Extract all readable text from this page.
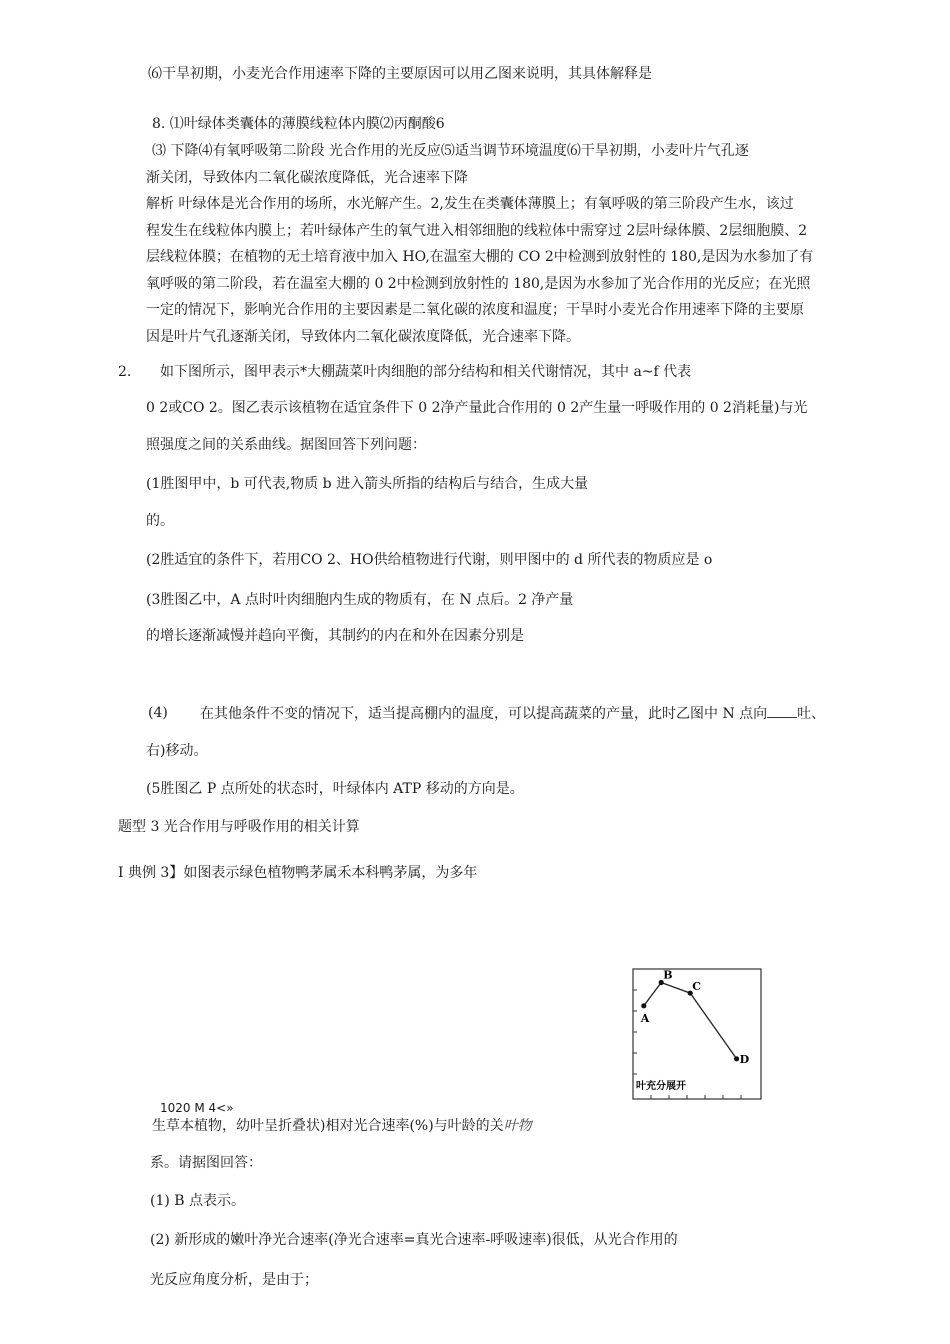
⑹干旱初期，小麦光合作用速率下降的主要原因可以用乙图来说明，其具体解释是
8. ⑴叶绿体类囊体的薄膜线粒体内膜⑵丙酮酸6
⑶ 下降⑷有氧呼吸第二阶段 光合作用的光反应⑸适当调节环境温度⑹干旱初期，小麦叶片气孔逐
渐关闭，导致体内二氧化碳浓度降低，光合速率下降
解析 叶绿体是光合作用的场所，水光解产生。2,发生在类囊体薄膜上；有氧呼吸的第三阶段产生水，该过
程发生在线粒体内膜上；若叶绿体产生的氧气进入相邻细胞的线粒体中需穿过 2层叶绿体膜、2层细胞膜、2
层线粒体膜；在植物的无土培育液中加入 HO,在温室大棚的 CO 2中检测到放射性的 180,是因为水参加了有
氧呼吸的第二阶段，若在温室大棚的 0 2中检测到放射性的 180,是因为水参加了光合作用的光反应；在光照
一定的情况下，影响光合作用的主要因素是二氧化碳的浓度和温度；干旱时小麦光合作用速率下降的主要原
因是叶片气孔逐渐关闭，导致体内二氧化碳浓度降低，光合速率下降。
2. 如下图所示，图甲表示*大棚蔬菜叶肉细胞的部分结构和相关代谢情况，其中 a~f 代表
0 2或CO 2。图乙表示该植物在适宜条件下 0 2净产量此合作用的 0 2产生量一呼吸作用的 0 2消耗量)与光
照强度之间的关系曲线。据图回答下列问题：
(1胜图甲中，b 可代表,物质 b 进入箭头所指的结构后与结合，生成大量
的。
(2胜适宜的条件下，若用CO 2、HO供给植物进行代谢，则甲图中的 d 所代表的物质应是 o
(3胜图乙中，A 点时叶肉细胞内生成的物质有，在 N 点后。2 净产量
的增长逐渐减慢并趋向平衡，其制约的内在和外在因素分别是
(4) 在其他条件不变的情况下，适当提高棚内的温度，可以提高蔬菜的产量，此时乙图中 N 点向 吐、
右)移动。
(5胜图乙 P 点所处的状态时，叶绿体内 ATP 移动的方向是。
题型 3 光合作用与呼吸作用的相关计算
I 典例 3】如图表示绿色植物鸭茅属禾本科鸭茅属，为多年
A
B
C
D
叶充分展开
1020 M 4<»
生草本植物，幼叶呈折叠状)相对光合速率(%)与叶龄的关叶物
系。请据图回答：
(1) B 点表示。
(2) 新形成的嫩叶净光合速率(净光合速率=真光合速率-呼吸速率)很低，从光合作用的
光反应角度分析，是由于；
